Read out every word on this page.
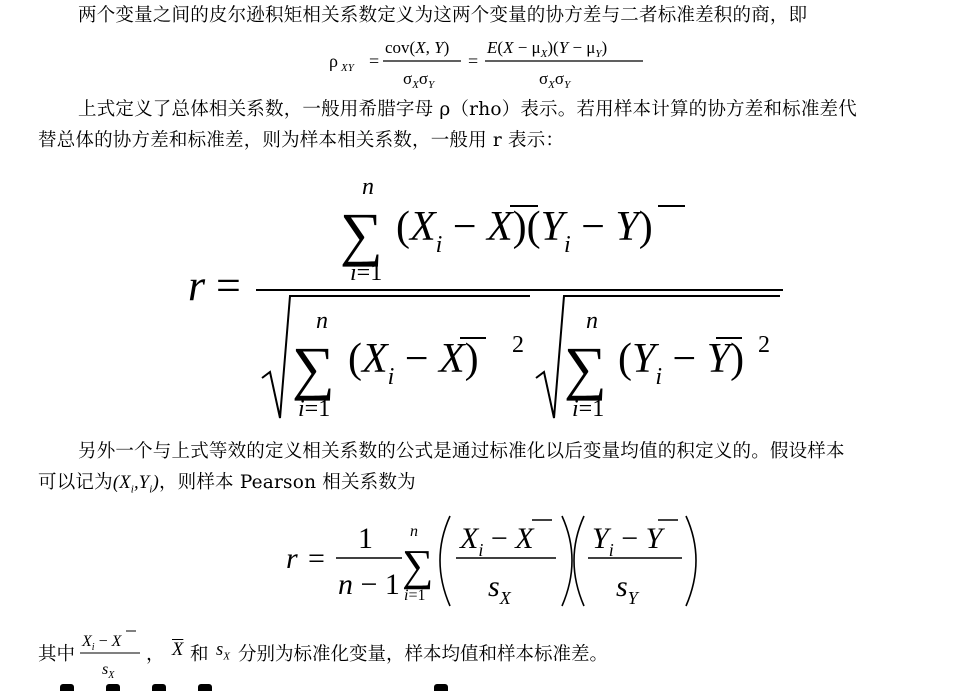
两个变量之间的皮尔逊积矩相关系数定义为这两个变量的协方差与二者标准差积的商，即

ρ XY =
cov(X, Y)
$\sigma_X\sigma_Y$
=
$E(X - \mu_X)(Y - \mu_Y)$
$\sigma_X\sigma_Y$

上式定义了总体相关系数，一般用希腊字母 ρ（rho）表示。若用样本计算的协方差和标准差代
替总体的协方差和标准差，则为样本相关系数，一般用 r 表示：

r =
n
∑
i=1
$(X_i - X)(Y_i - Y)$
n
∑
i=1
$(X_i - X)$ 2
n
∑
i=1
$(Y_i - Y)$ 2

另外一个与上式等效的定义相关系数的公式是通过标准化以后变量均值的积定义的。假设样本
可以记为$(X_i,Y_i)$，则样本 Pearson 相关系数为

r =
1
n − 1
n
∑
i=1
$X_i - X$
$s_X$
$Y_i - Y$
$s_Y$
其中
$X_i - X$
$s_X$
， $\overline{X}$ 和 $s_X$ 分别为标准化变量，样本均值和样本标准差。
